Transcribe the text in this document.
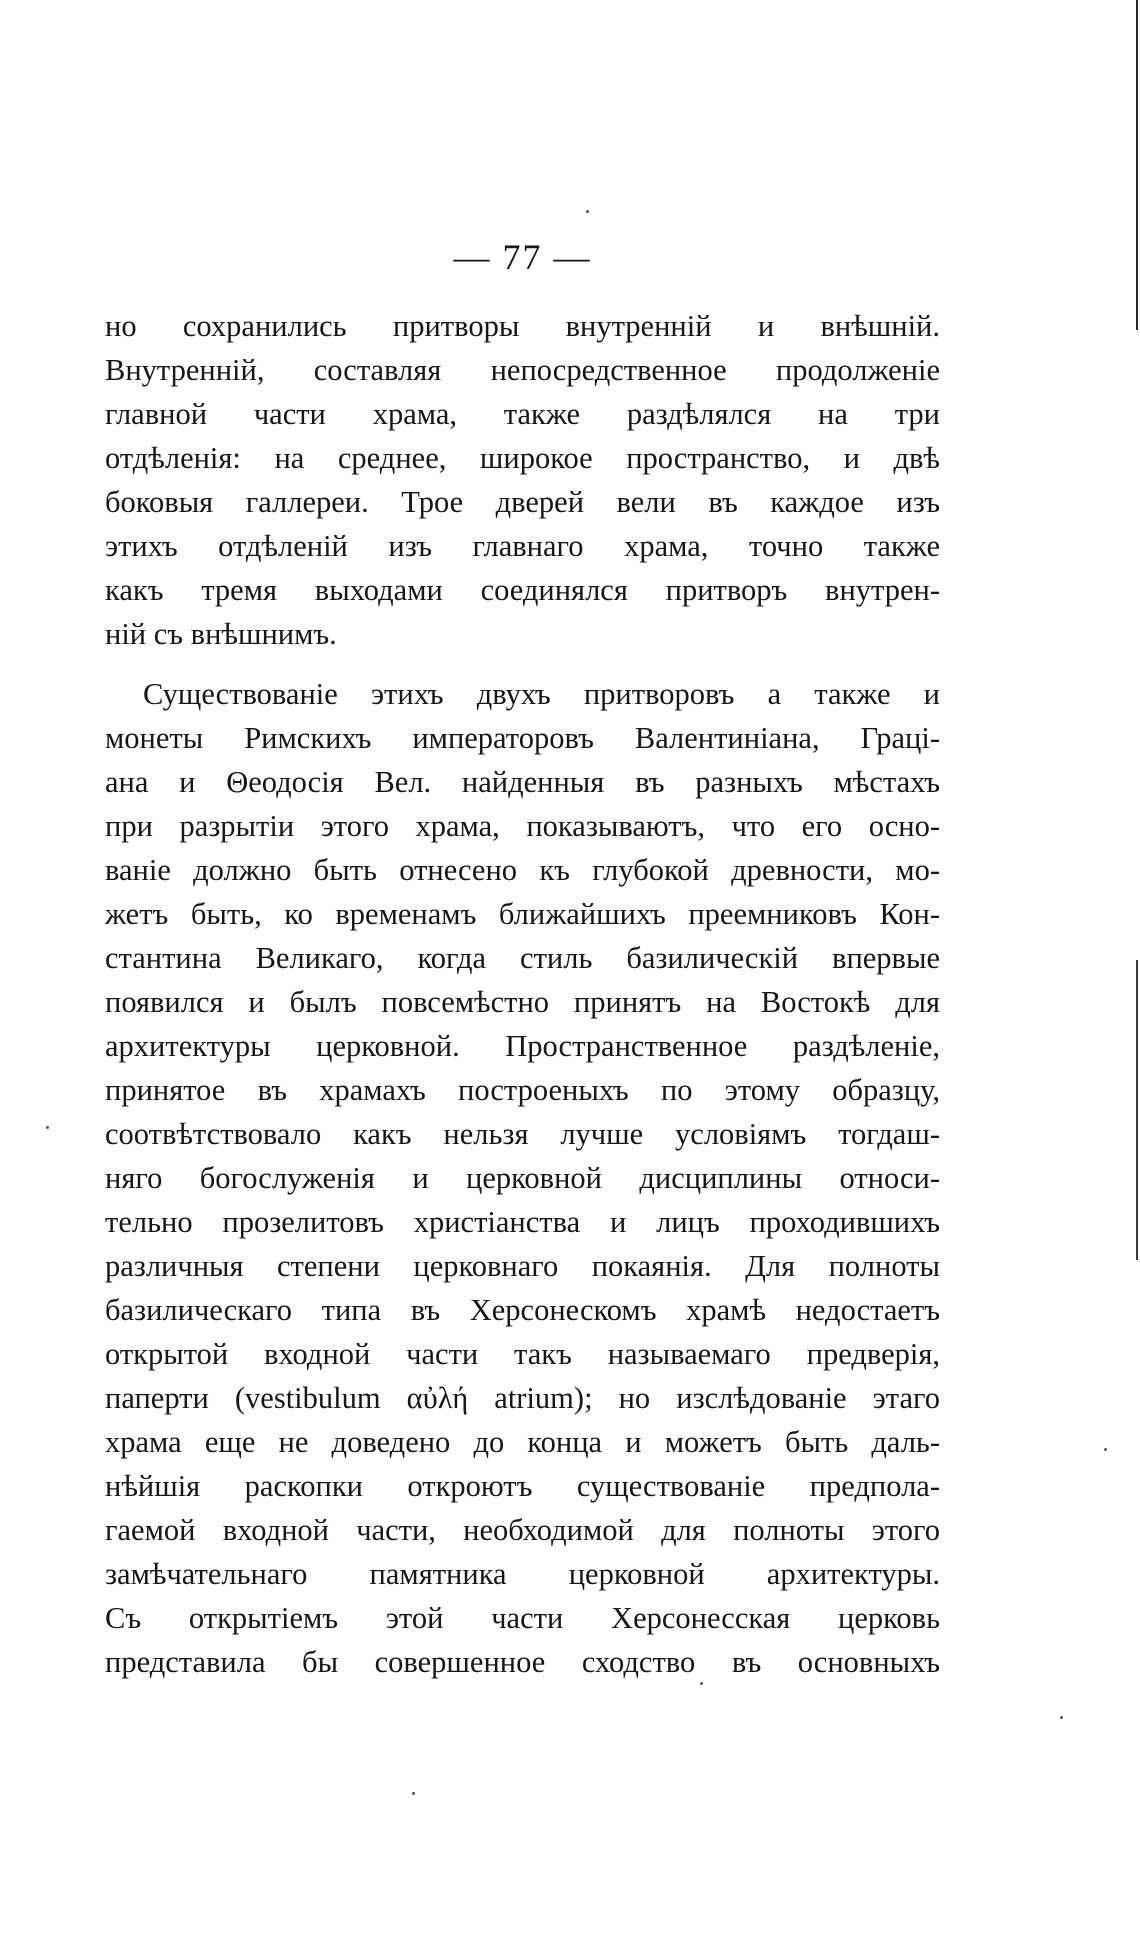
— 77 —
но сохранились притворы внутренній и внѣшній.
Внутренній, составляя непосредственное продолженіе
главной части храма, также раздѣлялся на три
отдѣленія: на среднее, широкое пространство, и двѣ
боковыя галлереи. Трое дверей вели въ каждое изъ
этихъ отдѣленій изъ главнаго храма, точно также
какъ тремя выходами соединялся притворъ внутрен-
ній съ внѣшнимъ.
Существованіе этихъ двухъ притворовъ а также и
монеты Римскихъ императоровъ Валентиніана, Граці-
ана и Θеодосія Вел. найденныя въ разныхъ мѣстахъ
при разрытіи этого храма, показываютъ, что его осно-
ваніе должно быть отнесено къ глубокой древности, мо-
жетъ быть, ко временамъ ближайшихъ преемниковъ Кон-
стантина Великаго, когда стиль базилическій впервые
появился и былъ повсемѣстно принятъ на Востокѣ для
архитектуры церковной. Пространственное раздѣленіе,
принятое въ храмахъ построеныхъ по этому образцу,
соотвѣтствовало какъ нельзя лучше условіямъ тогдаш-
няго богослуженія и церковной дисциплины относи-
тельно прозелитовъ христіанства и лицъ проходившихъ
различныя степени церковнаго покаянія. Для полноты
базилическаго типа въ Херсонескомъ храмѣ недостаетъ
открытой входной части такъ называемаго предверія,
паперти (vestibulum αὐλή atrium); но изслѣдованіе этаго
храма еще не доведено до конца и можетъ быть даль-
нѣйшія раскопки откроютъ существованіе предпола-
гаемой входной части, необходимой для полноты этого
замѣчательнаго памятника церковной архитектуры.
Съ открытіемъ этой части Херсонесская церковь
представила бы совершенное сходство въ основныхъ
